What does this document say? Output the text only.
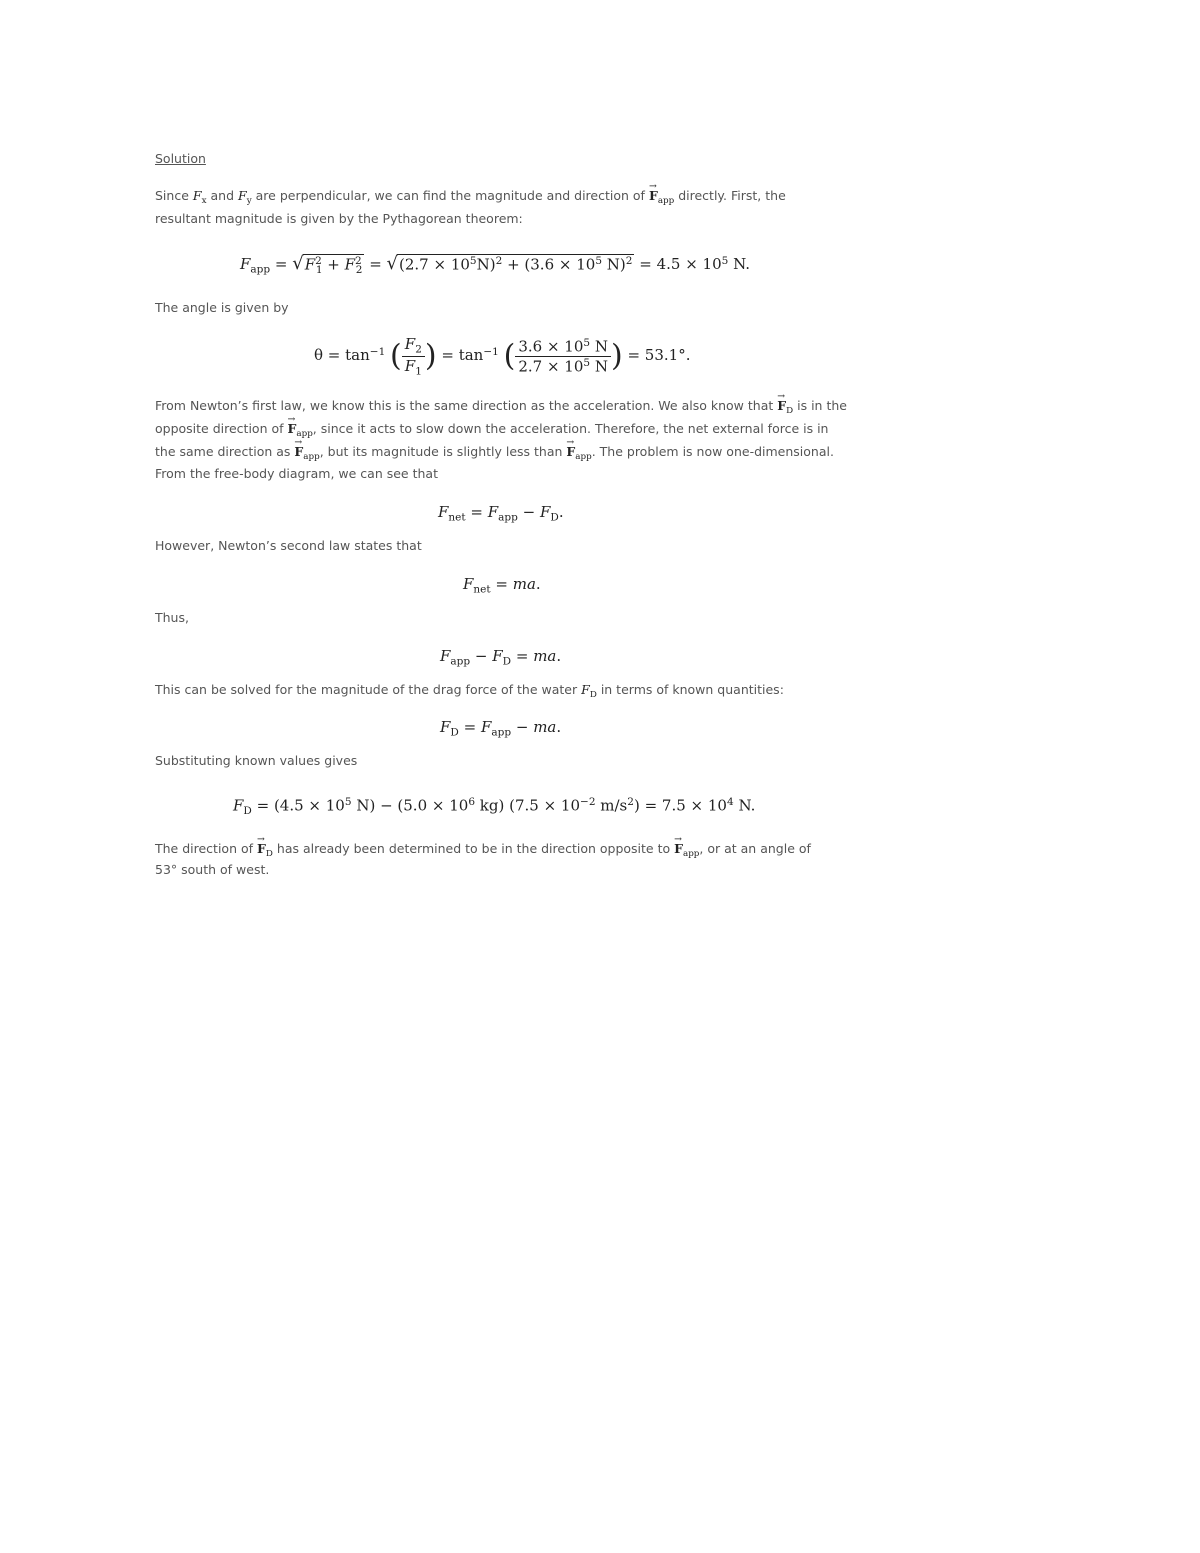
Solution

Since $F_x$ and $F_y$ are perpendicular, we can find the magnitude and direction of → $F_{app}$ directly. First, the
resultant magnitude is given by the Pythagorean theorem:
$F_{app} = √F^2_1 + F^2_2 = √(2.7 \times 10^5N)^2 + (3.6 \times 10^5$ $N)^2 = 4.5 \times 10^5$ N.
The angle is given by
$\theta = \tan^{-1}$ ( $\frac{F_2}{F_1}$ ) = $\tan^{-1}$ ( $\frac{3.6 \times 10^5 N}{2.7 \times 10^5 N}$ ) = 53.1°.
From Newton’s first law, we know this is the same direction as the acceleration. We also know that → $F_D$ is in the
opposite direction of → $F_{app}$, since it acts to slow down the acceleration. Therefore, the net external force is in
the same direction as → $F_{app}$, but its magnitude is slightly less than → $F_{app}$. The problem is now one-dimensional.
From the free-body diagram, we can see that
$F_{net} = F_{app} - F_D$.
However, Newton’s second law states that
$F_{net}$ = ma.
Thus,
$F_{app} - F_D$ = ma.
This can be solved for the magnitude of the drag force of the water $F_D$ in terms of known quantities:
$F_D = F_{app}$ − ma.
Substituting known values gives
$F_D = (4.5 \times 10^5$ $N) - (5.0 \times 10^6$ kg) ($7.5 \times 10^{-2}$ $m/s^2) = 7.5 \times 10^4$ N.
The direction of → $F_D$ has already been determined to be in the direction opposite to → $F_{app}$, or at an angle of
53° south of west.
